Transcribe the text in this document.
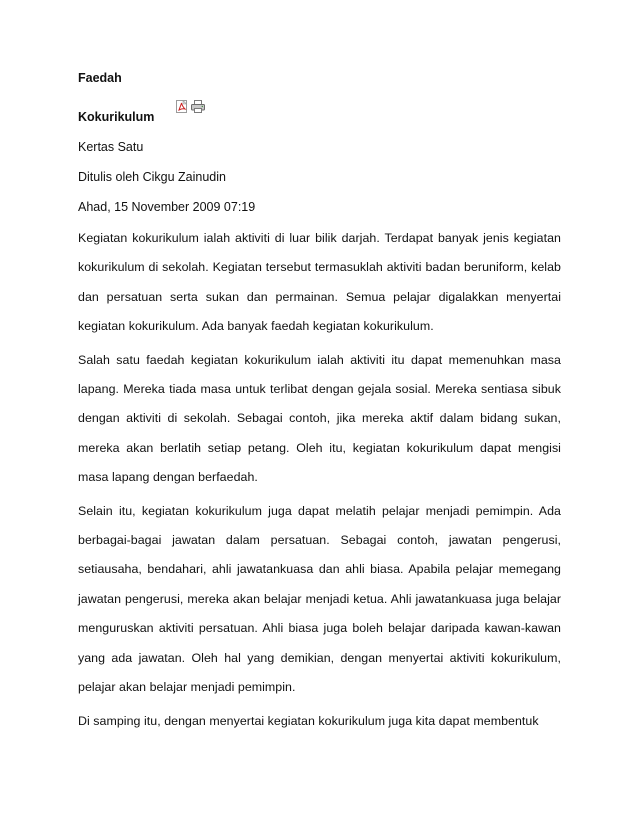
Faedah
Kokurikulum
Kertas Satu
Ditulis oleh Cikgu Zainudin
Ahad, 15 November 2009 07:19

Kegiatan kokurikulum ialah aktiviti di luar bilik darjah. Terdapat banyak jenis kegiatan kokurikulum di sekolah. Kegiatan tersebut termasuklah aktiviti badan beruniform, kelab dan persatuan serta sukan dan permainan. Semua pelajar digalakkan menyertai kegiatan kokurikulum. Ada banyak faedah kegiatan kokurikulum.

Salah satu faedah kegiatan kokurikulum ialah aktiviti itu dapat memenuhkan masa lapang. Mereka tiada masa untuk terlibat dengan gejala sosial. Mereka sentiasa sibuk dengan aktiviti di sekolah. Sebagai contoh, jika mereka aktif dalam bidang sukan, mereka akan berlatih setiap petang. Oleh itu, kegiatan kokurikulum dapat mengisi masa lapang dengan berfaedah.

Selain itu, kegiatan kokurikulum juga dapat melatih pelajar menjadi pemimpin. Ada berbagai-bagai jawatan dalam persatuan. Sebagai contoh, jawatan pengerusi, setiausaha, bendahari, ahli jawatankuasa dan ahli biasa. Apabila pelajar memegang jawatan pengerusi, mereka akan belajar menjadi ketua. Ahli jawatankuasa juga belajar menguruskan aktiviti persatuan. Ahli biasa juga boleh belajar daripada kawan-kawan yang ada jawatan. Oleh hal yang demikian, dengan menyertai aktiviti kokurikulum, pelajar akan belajar menjadi pemimpin.

Di samping itu, dengan menyertai kegiatan kokurikulum juga kita dapat membentuk
